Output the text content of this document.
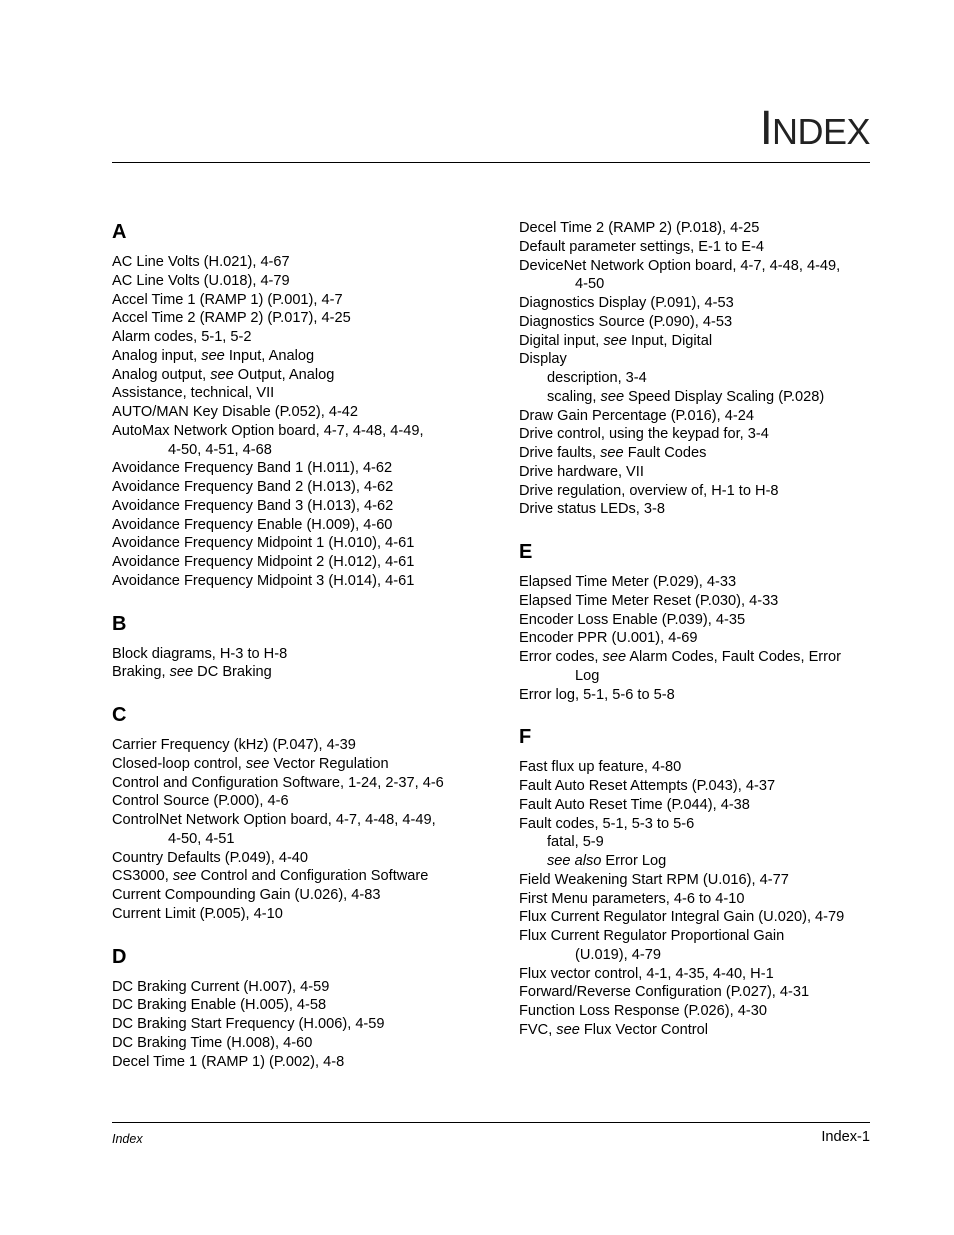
INDEX
A
AC Line Volts (H.021), 4-67
AC Line Volts (U.018), 4-79
Accel Time 1 (RAMP 1) (P.001), 4-7
Accel Time 2 (RAMP 2) (P.017), 4-25
Alarm codes, 5-1, 5-2
Analog input, see Input, Analog
Analog output, see Output, Analog
Assistance, technical, VII
AUTO/MAN Key Disable (P.052), 4-42
AutoMax Network Option board, 4-7, 4-48, 4-49,
4-50, 4-51, 4-68
Avoidance Frequency Band 1 (H.011), 4-62
Avoidance Frequency Band 2 (H.013), 4-62
Avoidance Frequency Band 3 (H.013), 4-62
Avoidance Frequency Enable (H.009), 4-60
Avoidance Frequency Midpoint 1 (H.010), 4-61
Avoidance Frequency Midpoint 2 (H.012), 4-61
Avoidance Frequency Midpoint 3 (H.014), 4-61
B
Block diagrams, H-3 to H-8
Braking, see DC Braking
C
Carrier Frequency (kHz) (P.047), 4-39
Closed-loop control, see Vector Regulation
Control and Configuration Software, 1-24, 2-37, 4-6
Control Source (P.000), 4-6
ControlNet Network Option board, 4-7, 4-48, 4-49,
4-50, 4-51
Country Defaults (P.049), 4-40
CS3000, see Control and Configuration Software
Current Compounding Gain (U.026), 4-83
Current Limit (P.005), 4-10
D
DC Braking Current (H.007), 4-59
DC Braking Enable (H.005), 4-58
DC Braking Start Frequency (H.006), 4-59
DC Braking Time (H.008), 4-60
Decel Time 1 (RAMP 1) (P.002), 4-8
Decel Time 2 (RAMP 2) (P.018), 4-25
Default parameter settings, E-1 to E-4
DeviceNet Network Option board, 4-7, 4-48, 4-49,
4-50
Diagnostics Display (P.091), 4-53
Diagnostics Source (P.090), 4-53
Digital input, see Input, Digital
Display
description, 3-4
scaling, see Speed Display Scaling (P.028)
Draw Gain Percentage (P.016), 4-24
Drive control, using the keypad for, 3-4
Drive faults, see Fault Codes
Drive hardware, VII
Drive regulation, overview of, H-1 to H-8
Drive status LEDs, 3-8
E
Elapsed Time Meter (P.029), 4-33
Elapsed Time Meter Reset (P.030), 4-33
Encoder Loss Enable (P.039), 4-35
Encoder PPR (U.001), 4-69
Error codes, see Alarm Codes, Fault Codes, Error
Log
Error log, 5-1, 5-6 to 5-8
F
Fast flux up feature, 4-80
Fault Auto Reset Attempts (P.043), 4-37
Fault Auto Reset Time (P.044), 4-38
Fault codes, 5-1, 5-3 to 5-6
fatal, 5-9
see also Error Log
Field Weakening Start RPM (U.016), 4-77
First Menu parameters, 4-6 to 4-10
Flux Current Regulator Integral Gain (U.020), 4-79
Flux Current Regulator Proportional Gain
(U.019), 4-79
Flux vector control, 4-1, 4-35, 4-40, H-1
Forward/Reverse Configuration (P.027), 4-31
Function Loss Response (P.026), 4-30
FVC, see Flux Vector Control
Index	Index-1
